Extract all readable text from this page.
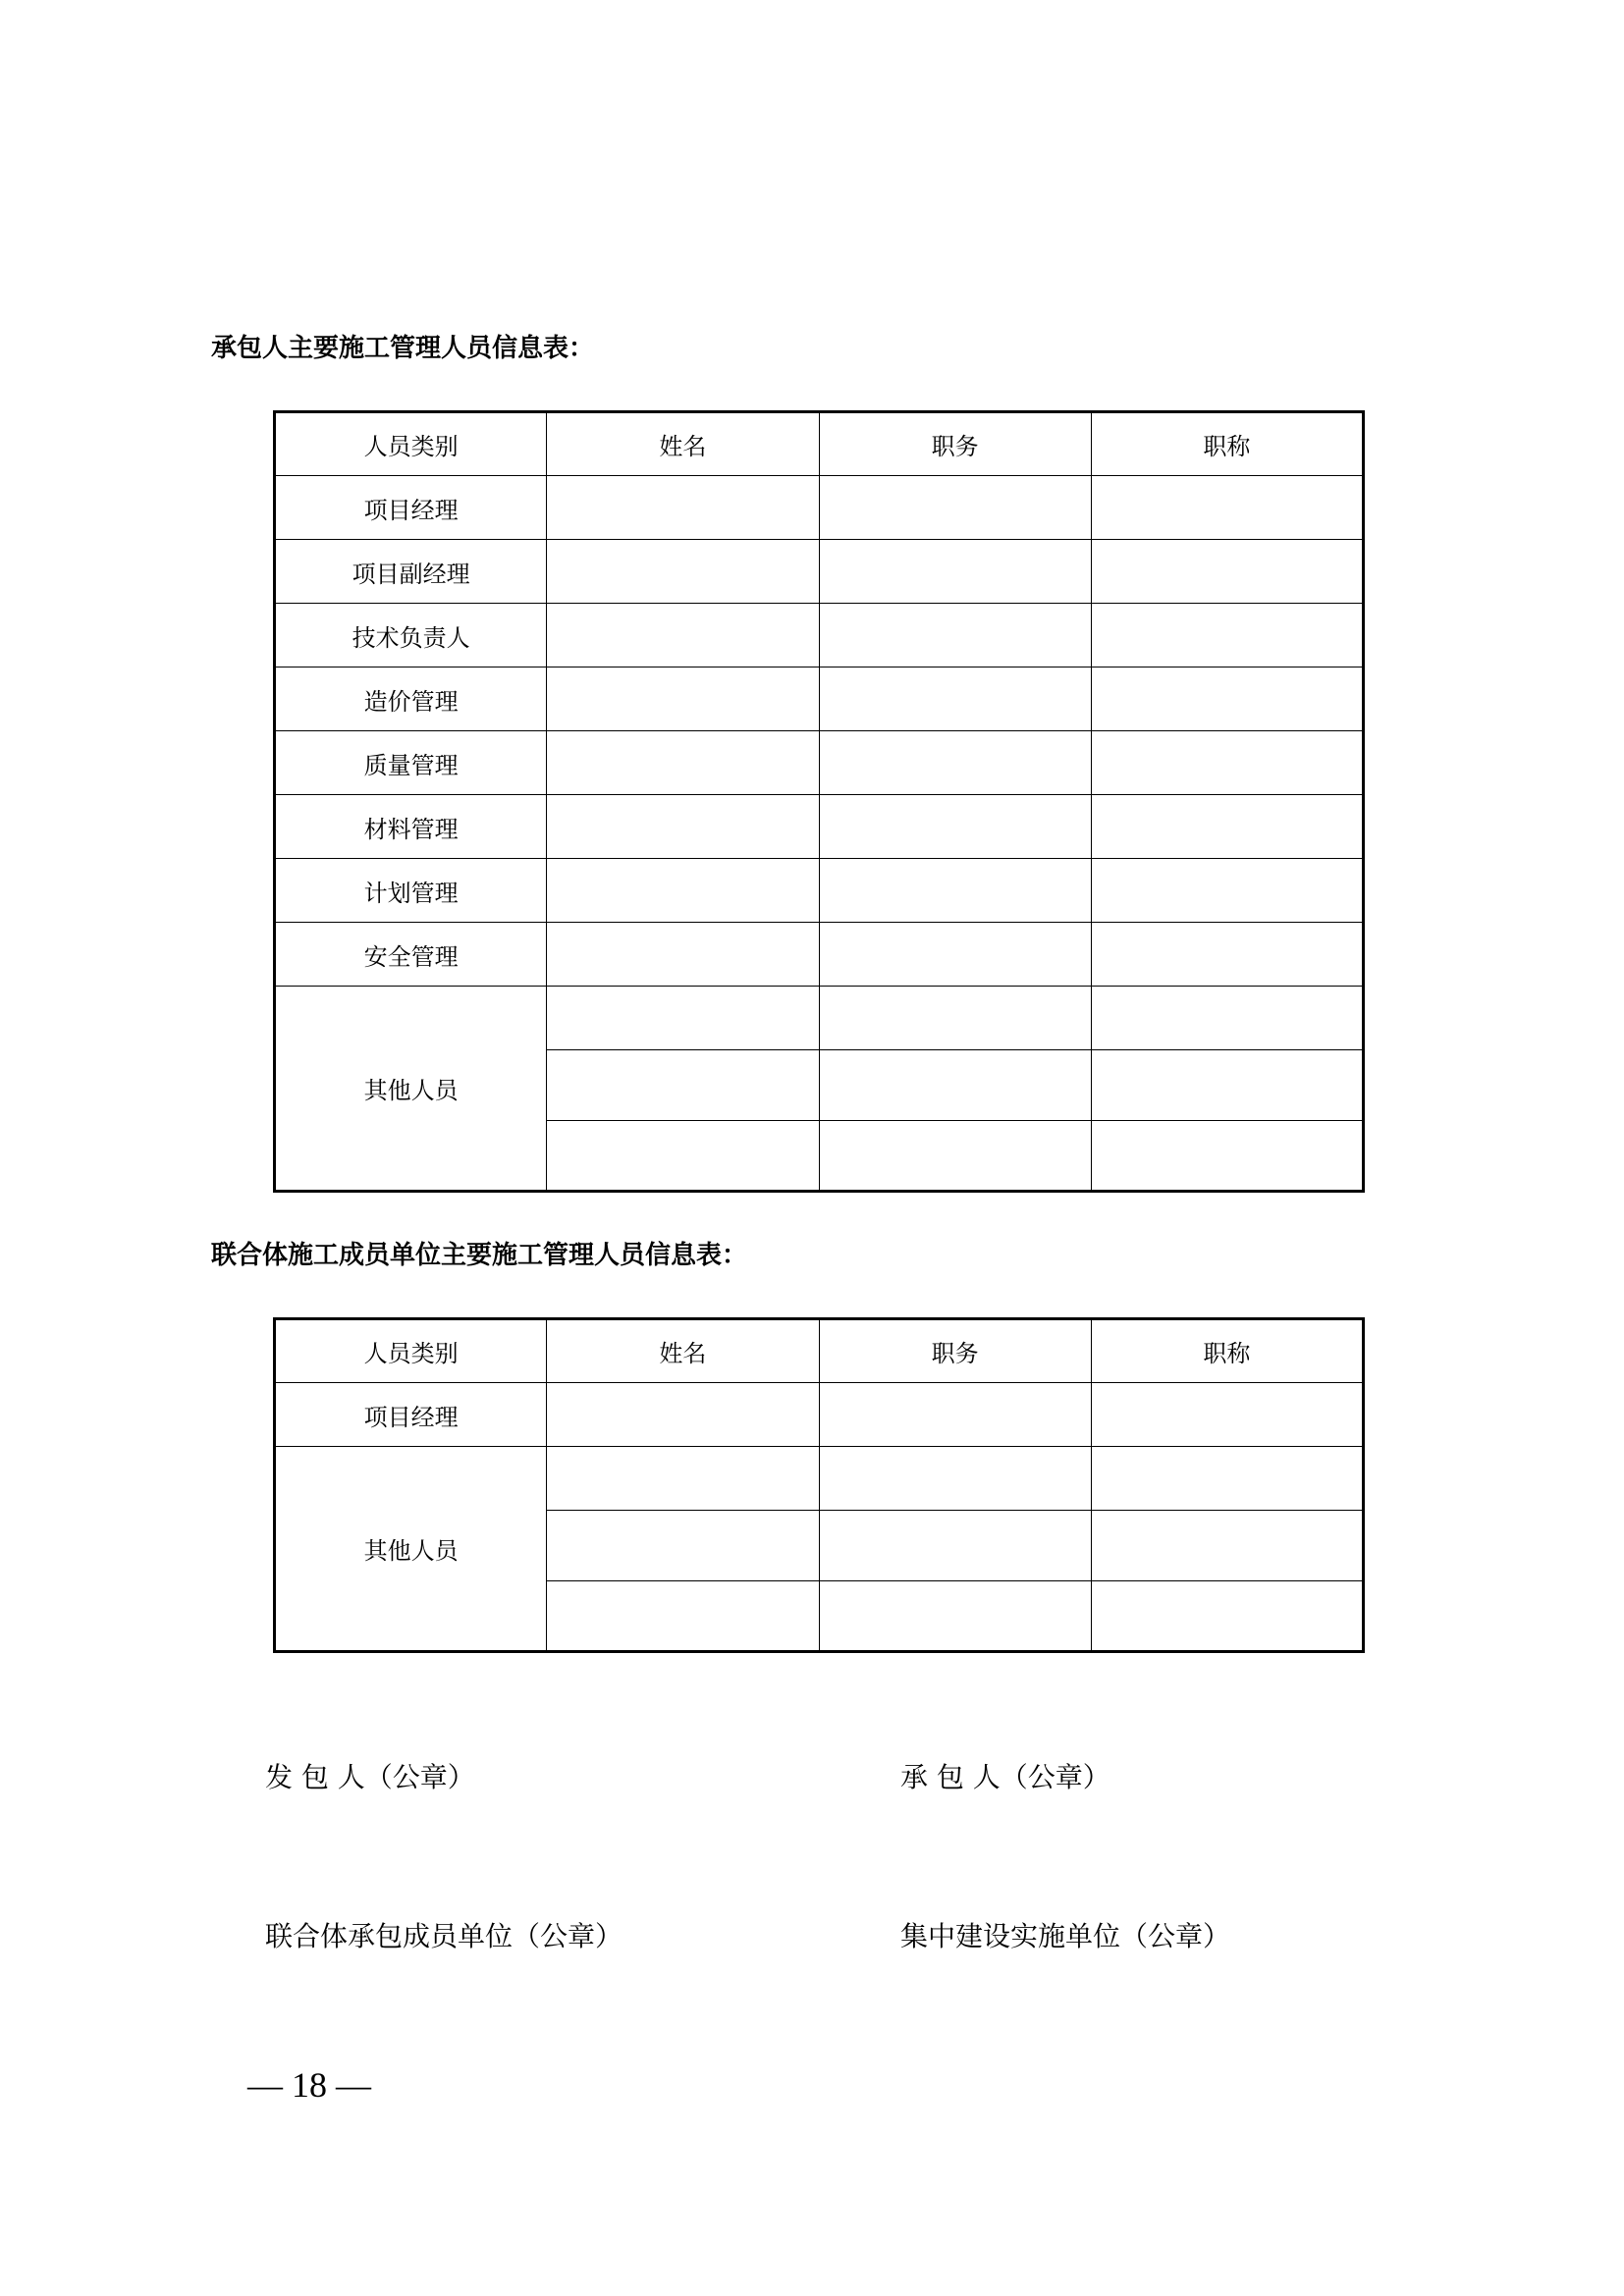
承包人主要施工管理人员信息表：
人员类别	姓名	职务	职称
项目经理			
项目副经理			
技术负责人			
造价管理			
质量管理			
材料管理			
计划管理			
安全管理			
其他人员			

联合体施工成员单位主要施工管理人员信息表：
人员类别	姓名	职务	职称
项目经理			
其他人员			

发 包 人（公章）	承 包 人（公章）
联合体承包成员单位（公章）	集中建设实施单位（公章）
— 18 —
